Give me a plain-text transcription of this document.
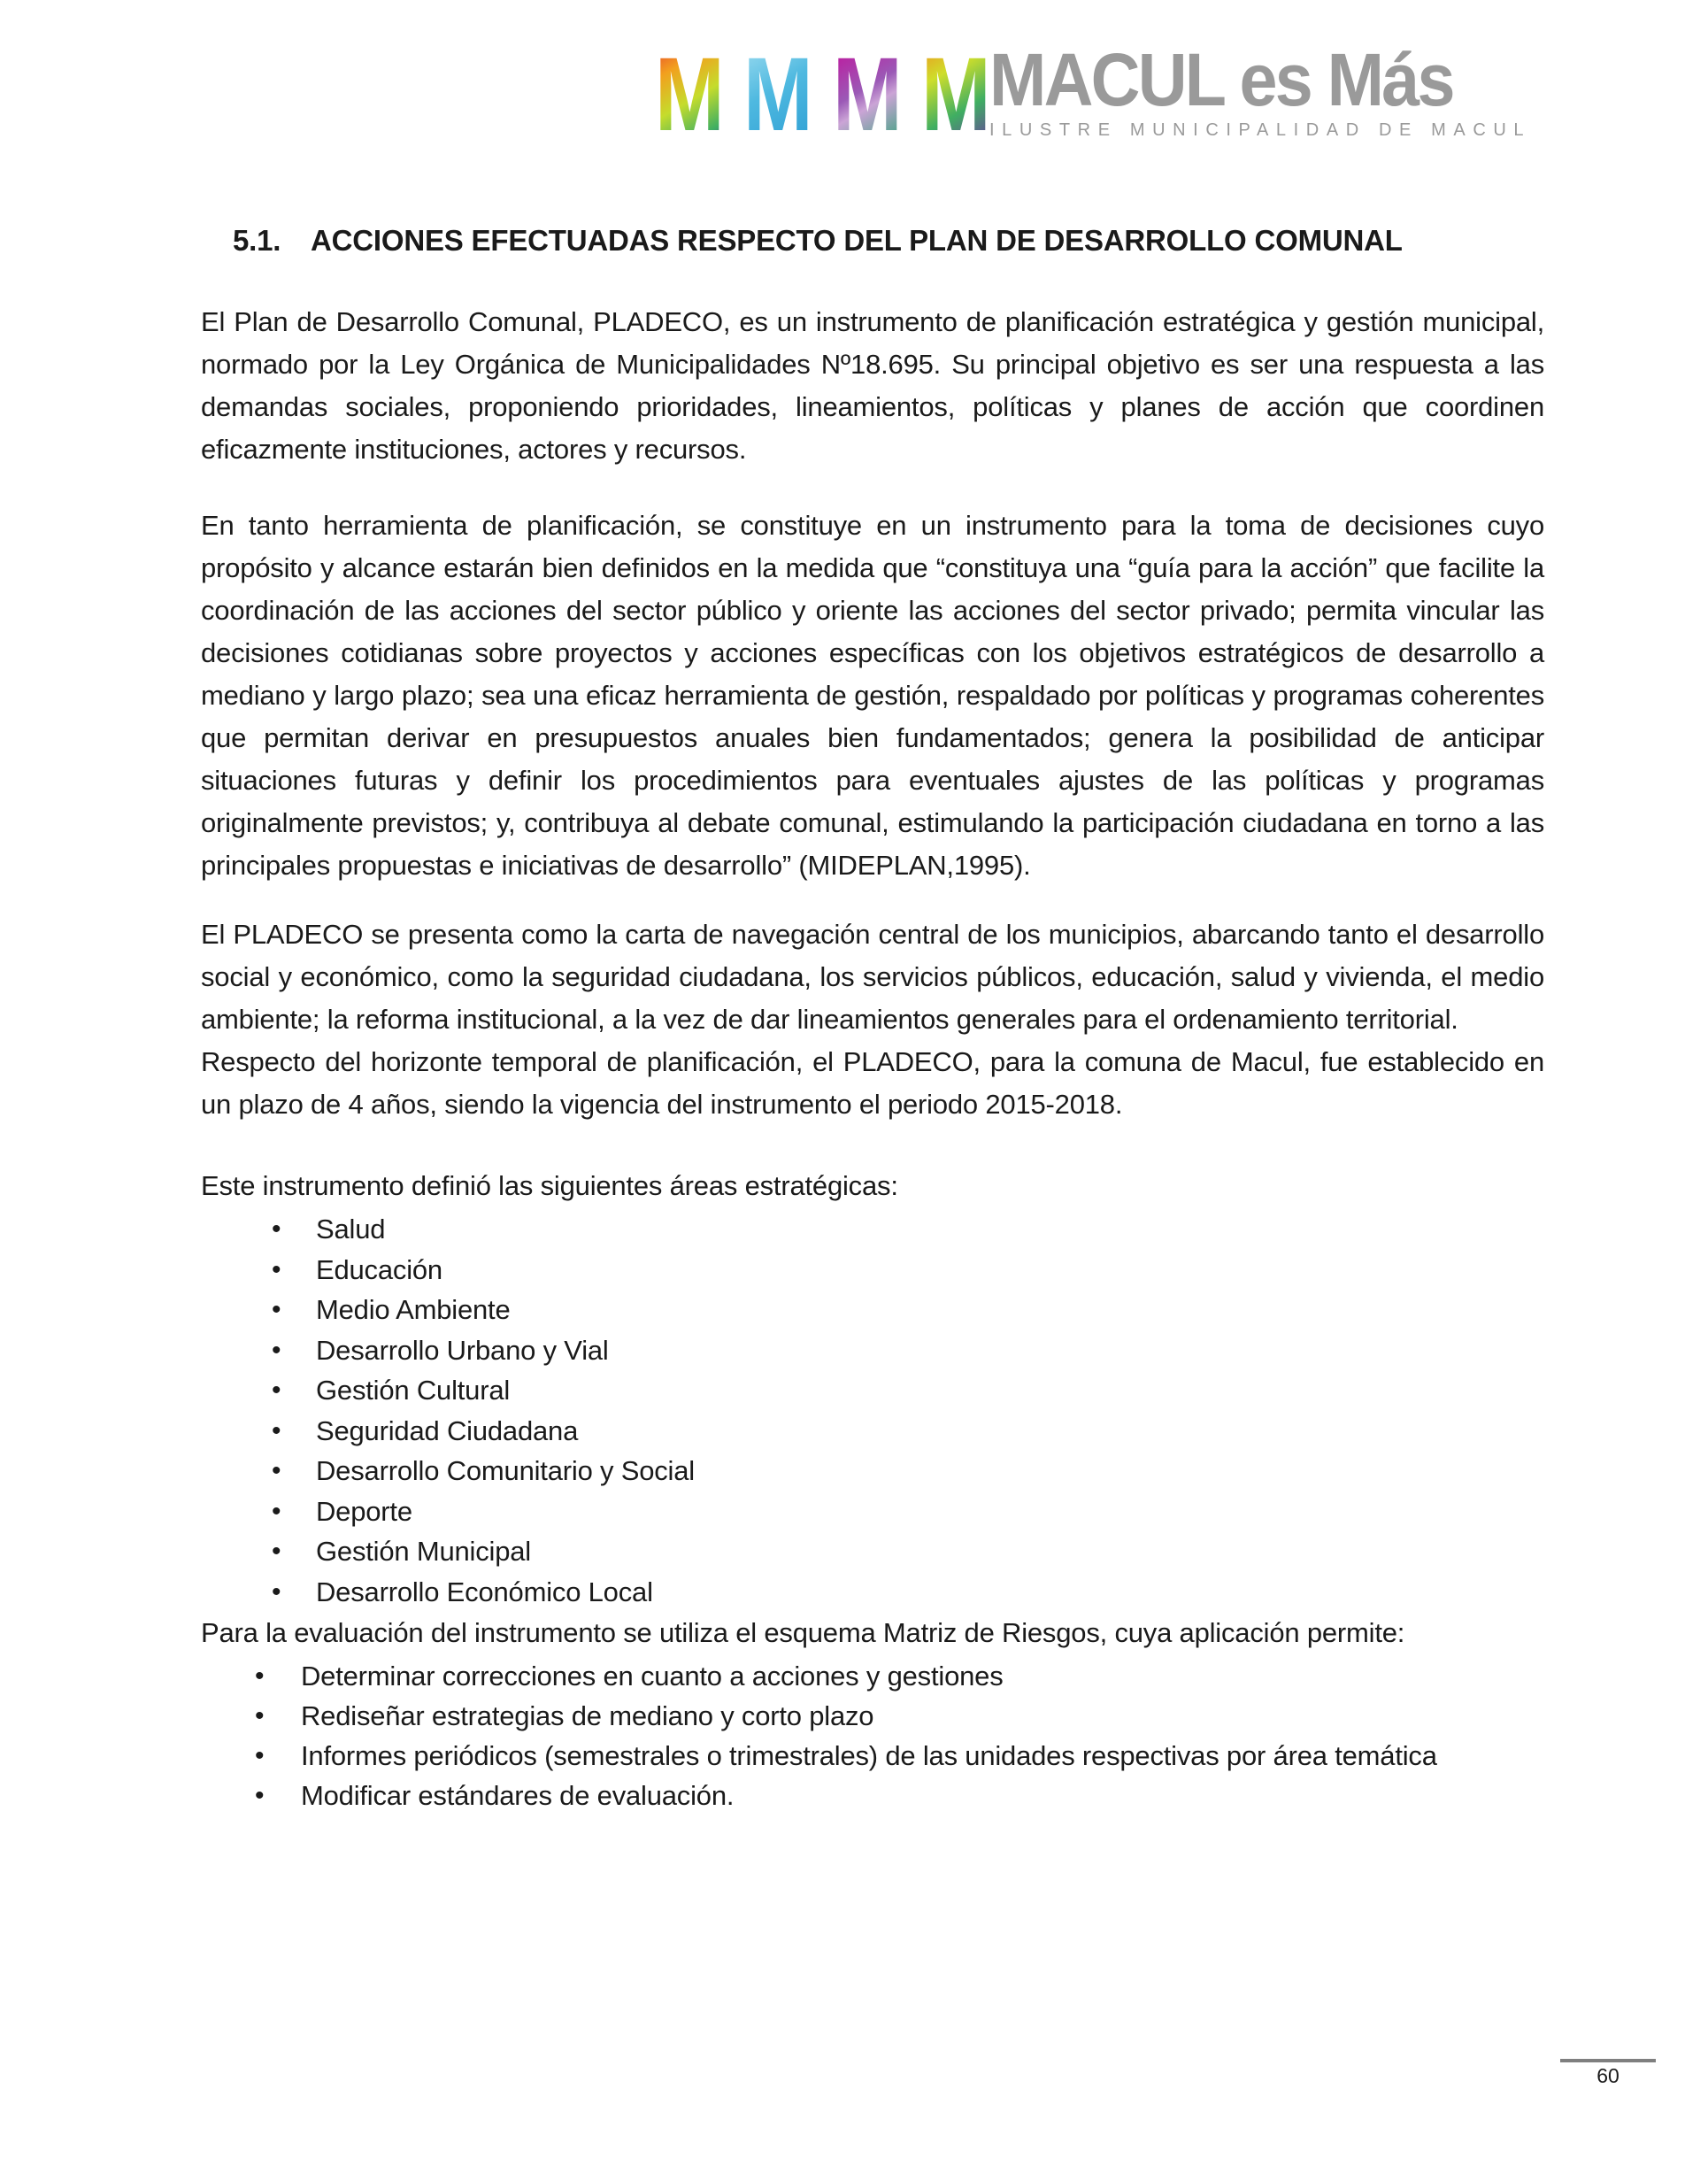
M M M M MACUL es Más
ILUSTRE MUNICIPALIDAD DE MACUL
5.1.	ACCIONES EFECTUADAS RESPECTO DEL PLAN DE DESARROLLO COMUNAL

El Plan de Desarrollo Comunal, PLADECO, es un instrumento de planificación estratégica y gestión municipal, normado por la Ley Orgánica de Municipalidades Nº18.695. Su principal objetivo es ser una respuesta a las demandas sociales, proponiendo prioridades, lineamientos, políticas y planes de acción que coordinen eficazmente instituciones, actores y recursos.

En tanto herramienta de planificación, se constituye en un instrumento para la toma de decisiones cuyo propósito y alcance estarán bien definidos en la medida que “constituya una “guía para la acción” que facilite la coordinación de las acciones del sector público y oriente las acciones del sector privado; permita vincular las decisiones cotidianas sobre proyectos y acciones específicas con los objetivos estratégicos de desarrollo a mediano y largo plazo; sea una eficaz herramienta de gestión, respaldado por políticas y programas coherentes que permitan derivar en presupuestos anuales bien fundamentados; genera la posibilidad de anticipar situaciones futuras y definir los procedimientos para eventuales ajustes de las políticas y programas originalmente previstos; y, contribuya al debate comunal, estimulando la participación ciudadana en torno a las principales propuestas e iniciativas de desarrollo” (MIDEPLAN,1995).

El PLADECO se presenta como la carta de navegación central de los municipios, abarcando tanto el desarrollo social y económico, como la seguridad ciudadana, los servicios públicos, educación, salud y vivienda, el medio ambiente; la reforma institucional, a la vez de dar lineamientos generales para el ordenamiento territorial.

Respecto del horizonte temporal de planificación, el PLADECO, para la comuna de Macul, fue establecido en un plazo de 4 años, siendo la vigencia del instrumento el periodo 2015-2018.

Este instrumento definió las siguientes áreas estratégicas:

• Salud
• Educación
• Medio Ambiente
• Desarrollo Urbano y Vial
• Gestión Cultural
• Seguridad Ciudadana
• Desarrollo Comunitario y Social
• Deporte
• Gestión Municipal
• Desarrollo Económico Local

Para la evaluación del instrumento se utiliza el esquema Matriz de Riesgos, cuya aplicación permite:

• Determinar correcciones en cuanto a acciones y gestiones
• Rediseñar estrategias de mediano y corto plazo
• Informes periódicos (semestrales o trimestrales) de las unidades respectivas por área temática
• Modificar estándares de evaluación.
60
